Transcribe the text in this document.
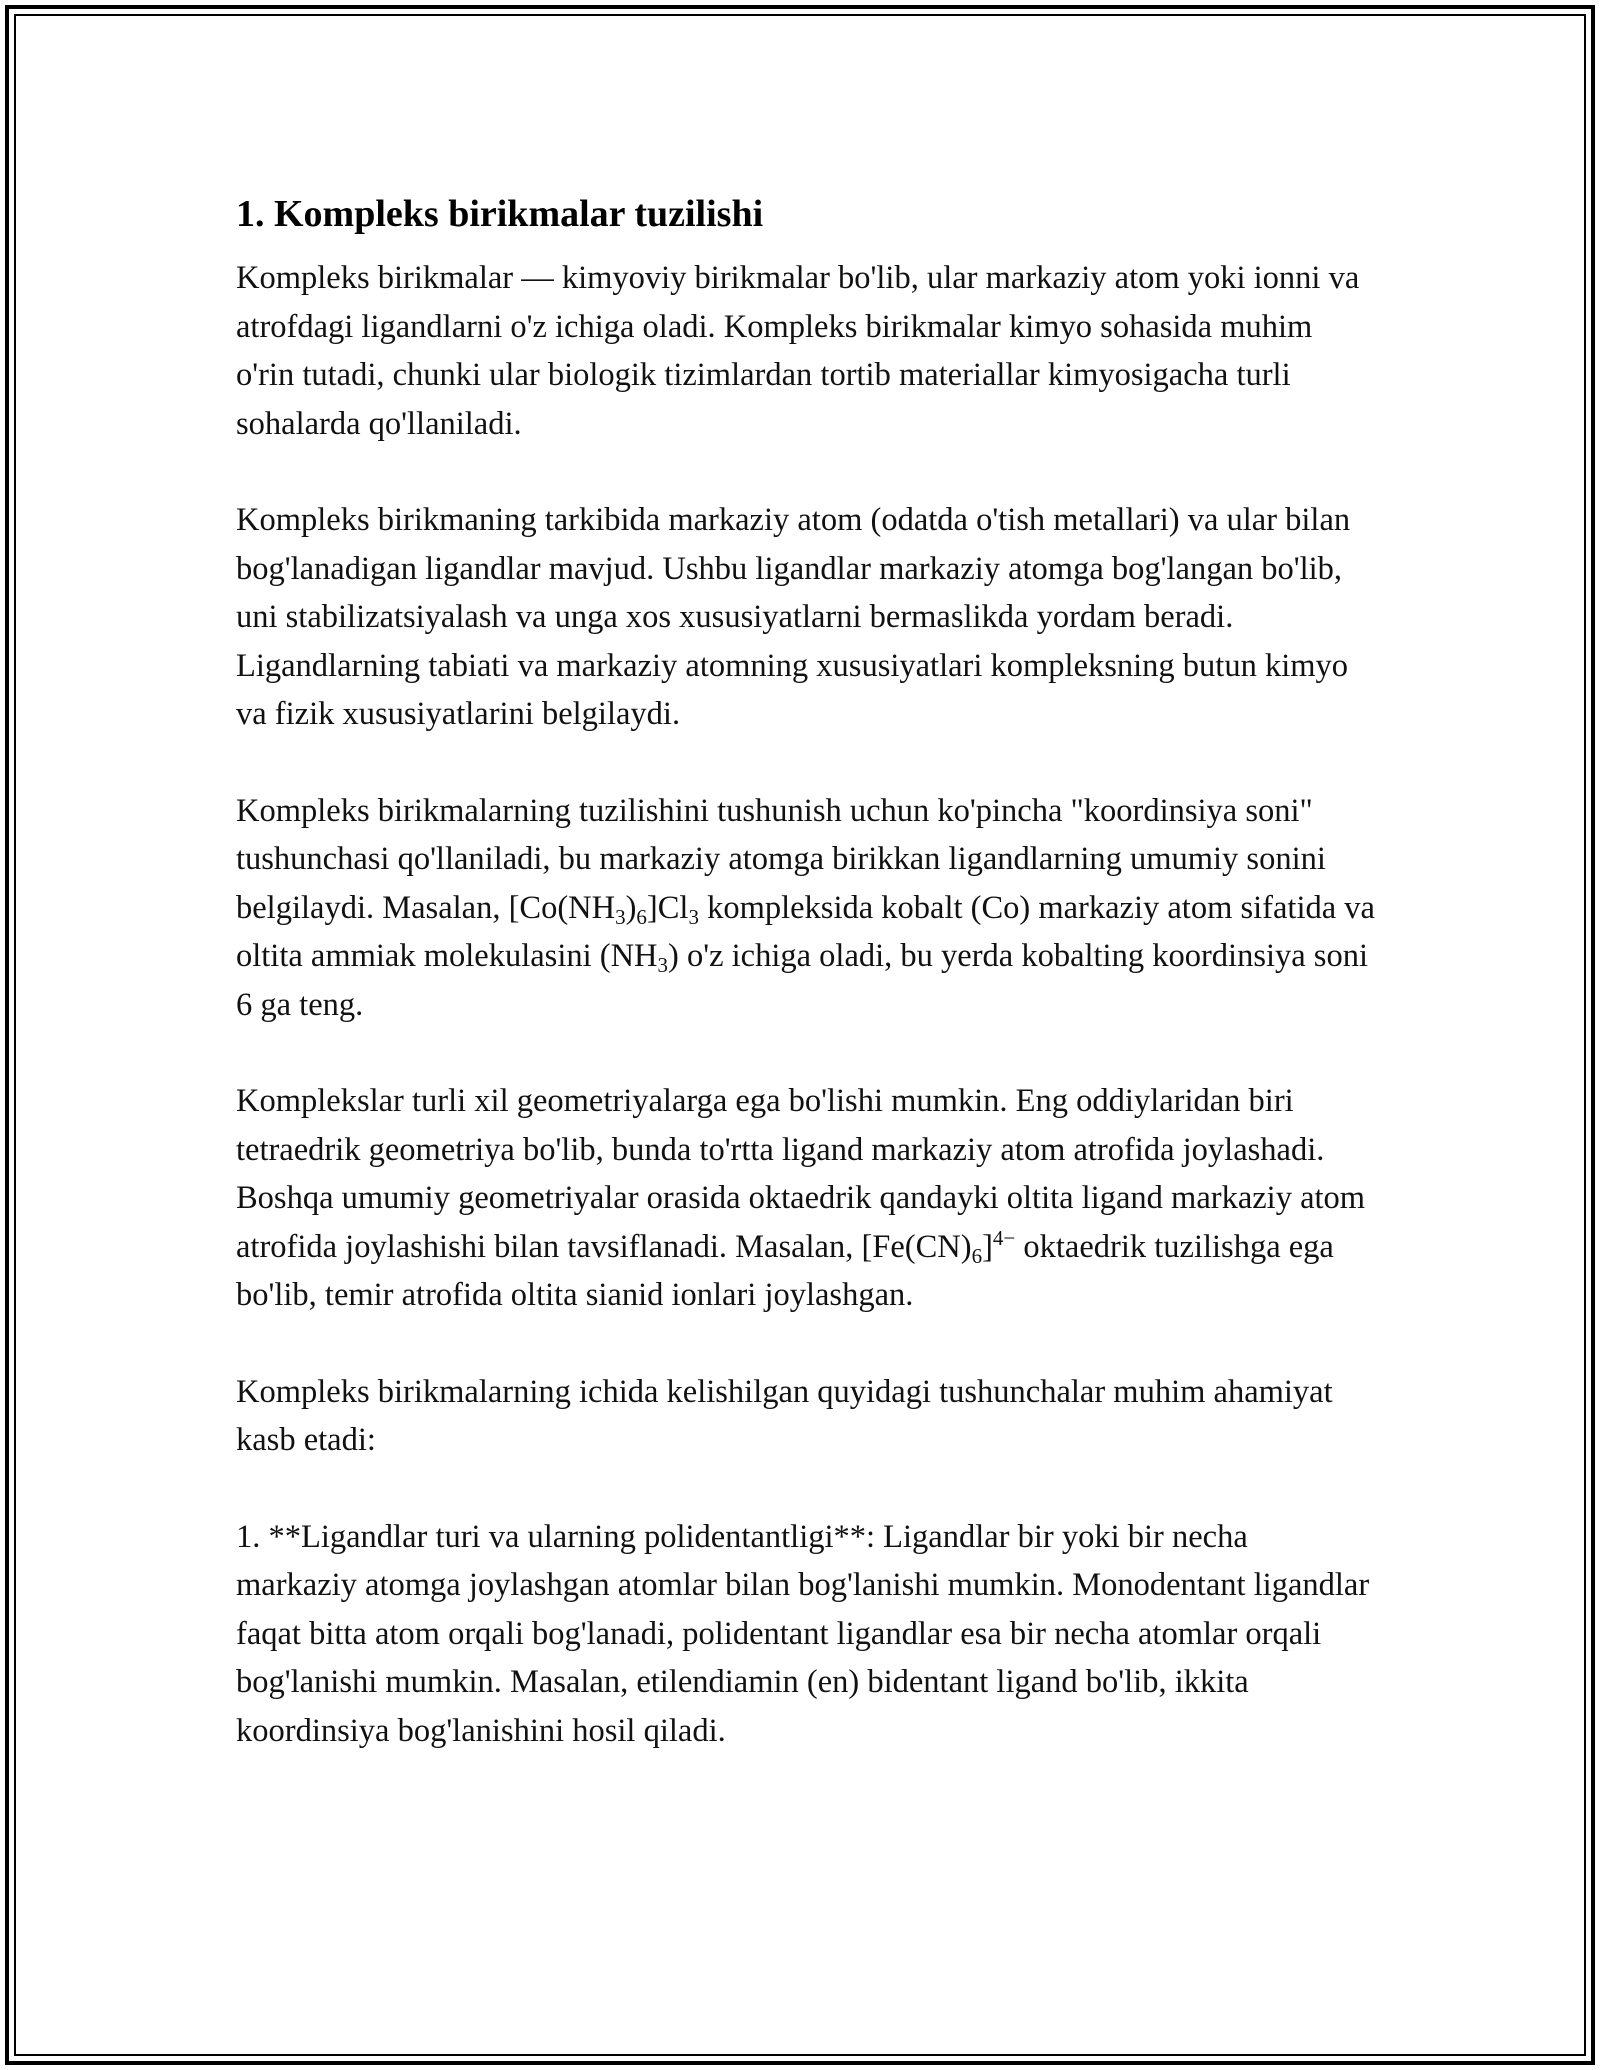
1. Kompleks birikmalar tuzilishi

Kompleks birikmalar — kimyoviy birikmalar bo'lib, ular markaziy atom yoki ionni va atrofdagi ligandlarni o'z ichiga oladi. Kompleks birikmalar kimyo sohasida muhim o'rin tutadi, chunki ular biologik tizimlardan tortib materiallar kimyosigacha turli sohalarda qo'llaniladi.

Kompleks birikmaning tarkibida markaziy atom (odatda o'tish metallari) va ular bilan bog'lanadigan ligandlar mavjud. Ushbu ligandlar markaziy atomga bog'langan bo'lib, uni stabilizatsiyalash va unga xos xususiyatlarni bermaslikda yordam beradi. Ligandlarning tabiati va markaziy atomning xususiyatlari kompleksning butun kimyo va fizik xususiyatlarini belgilaydi.

Kompleks birikmalarning tuzilishini tushunish uchun ko'pincha "koordinsiya soni" tushunchasi qo'llaniladi, bu markaziy atomga birikkan ligandlarning umumiy sonini belgilaydi. Masalan, $[Co(NH_3)_6]Cl_3$ kompleksida kobalt (Co) markaziy atom sifatida va oltita ammiak molekulasini $(NH_3)$ o'z ichiga oladi, bu yerda kobalting koordinsiya soni 6 ga teng.

Komplekslar turli xil geometriyalarga ega bo'lishi mumkin. Eng oddiylaridan biri tetraedrik geometriya bo'lib, bunda to'rtta ligand markaziy atom atrofida joylashadi. Boshqa umumiy geometriyalar orasida oktaedrik qandayki oltita ligand markaziy atom atrofida joylashishi bilan tavsiflanadi. Masalan, $[Fe(CN)_6]^{4-}$ oktaedrik tuzilishga ega bo'lib, temir atrofida oltita sianid ionlari joylashgan.

Kompleks birikmalarning ichida kelishilgan quyidagi tushunchalar muhim ahamiyat kasb etadi:

1. **Ligandlar turi va ularning polidentantligi**: Ligandlar bir yoki bir necha markaziy atomga joylashgan atomlar bilan bog'lanishi mumkin. Monodentant ligandlar faqat bitta atom orqali bog'lanadi, polidentant ligandlar esa bir necha atomlar orqali bog'lanishi mumkin. Masalan, etilendiamin (en) bidentant ligand bo'lib, ikkita koordinsiya bog'lanishini hosil qiladi.
